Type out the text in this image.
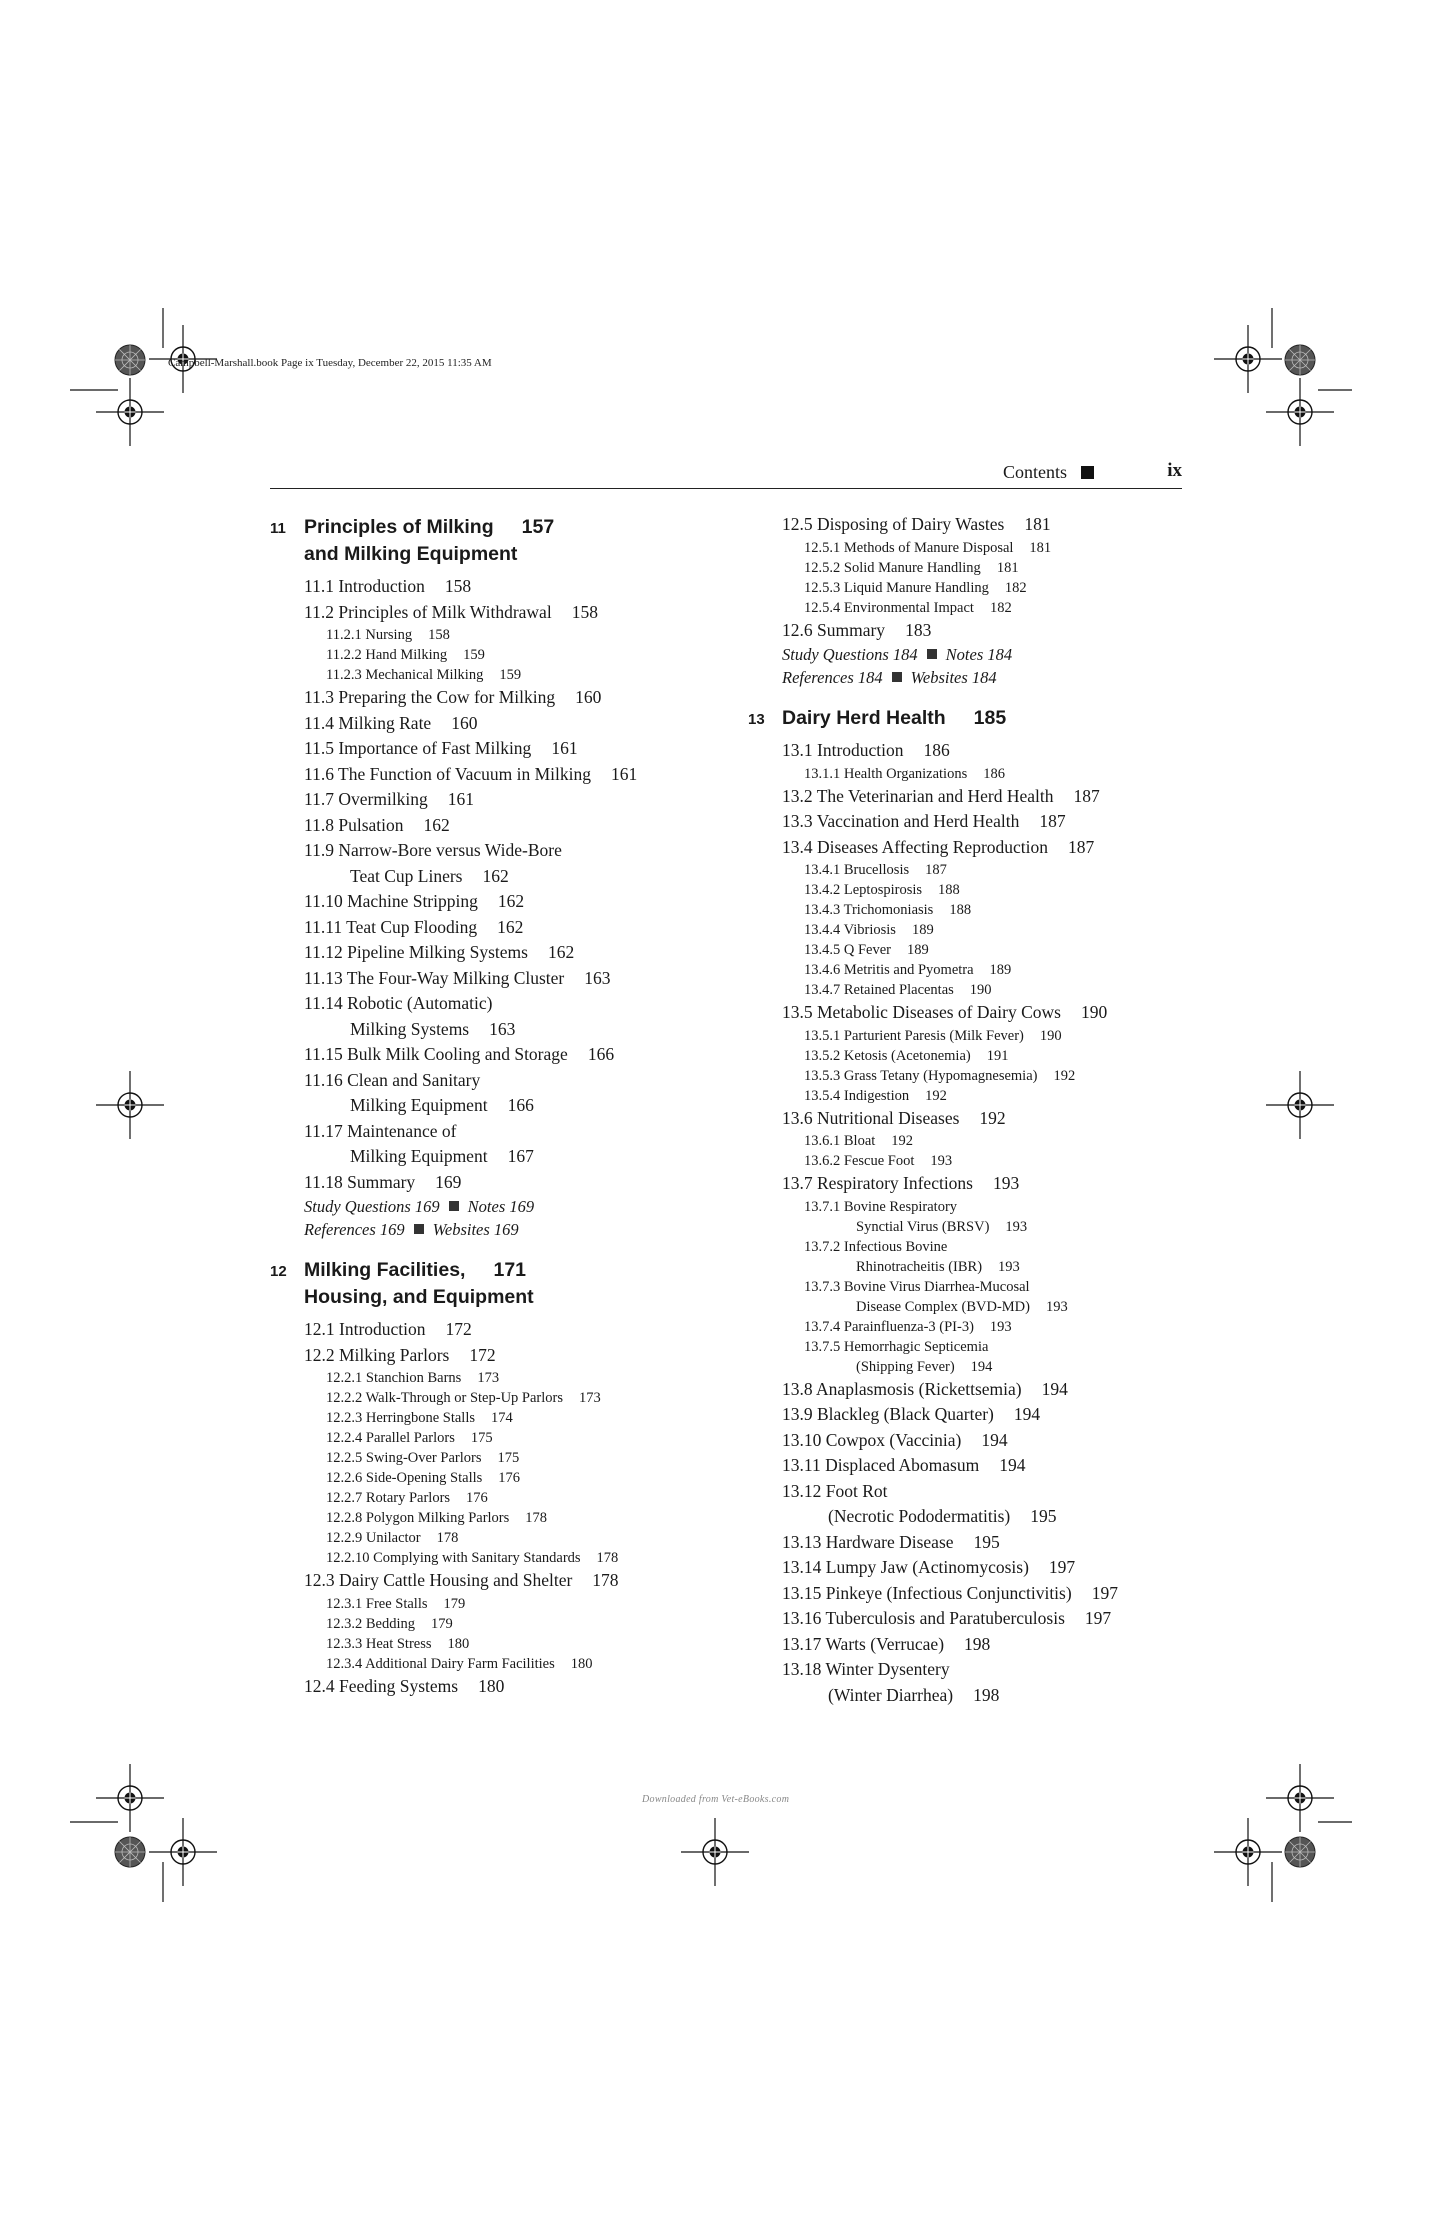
Campbell-Marshall.book Page ix Tuesday, December 22, 2015 11:35 AM
Contents	ix
11 Principles of Milking 157
and Milking Equipment
11.1 Introduction 158
11.2 Principles of Milk Withdrawal 158
11.2.1 Nursing 158
11.2.2 Hand Milking 159
11.2.3 Mechanical Milking 159
11.3 Preparing the Cow for Milking 160
11.4 Milking Rate 160
11.5 Importance of Fast Milking 161
11.6 The Function of Vacuum in Milking 161
11.7 Overmilking 161
11.8 Pulsation 162
11.9 Narrow-Bore versus Wide-Bore
Teat Cup Liners 162
11.10 Machine Stripping 162
11.11 Teat Cup Flooding 162
11.12 Pipeline Milking Systems 162
11.13 The Four-Way Milking Cluster 163
11.14 Robotic (Automatic)
Milking Systems 163
11.15 Bulk Milk Cooling and Storage 166
11.16 Clean and Sanitary
Milking Equipment 166
11.17 Maintenance of
Milking Equipment 167
11.18 Summary 169
Study Questions 169 Notes 169
References 169 Websites 169
12 Milking Facilities, 171
Housing, and Equipment
12.1 Introduction 172
12.2 Milking Parlors 172
12.2.1 Stanchion Barns 173
12.2.2 Walk-Through or Step-Up Parlors 173
12.2.3 Herringbone Stalls 174
12.2.4 Parallel Parlors 175
12.2.5 Swing-Over Parlors 175
12.2.6 Side-Opening Stalls 176
12.2.7 Rotary Parlors 176
12.2.8 Polygon Milking Parlors 178
12.2.9 Unilactor 178
12.2.10 Complying with Sanitary Standards 178
12.3 Dairy Cattle Housing and Shelter 178
12.3.1 Free Stalls 179
12.3.2 Bedding 179
12.3.3 Heat Stress 180
12.3.4 Additional Dairy Farm Facilities 180
12.4 Feeding Systems 180
12.5 Disposing of Dairy Wastes 181
12.5.1 Methods of Manure Disposal 181
12.5.2 Solid Manure Handling 181
12.5.3 Liquid Manure Handling 182
12.5.4 Environmental Impact 182
12.6 Summary 183
Study Questions 184 Notes 184
References 184 Websites 184
13 Dairy Herd Health 185
13.1 Introduction 186
13.1.1 Health Organizations 186
13.2 The Veterinarian and Herd Health 187
13.3 Vaccination and Herd Health 187
13.4 Diseases Affecting Reproduction 187
13.4.1 Brucellosis 187
13.4.2 Leptospirosis 188
13.4.3 Trichomoniasis 188
13.4.4 Vibriosis 189
13.4.5 Q Fever 189
13.4.6 Metritis and Pyometra 189
13.4.7 Retained Placentas 190
13.5 Metabolic Diseases of Dairy Cows 190
13.5.1 Parturient Paresis (Milk Fever) 190
13.5.2 Ketosis (Acetonemia) 191
13.5.3 Grass Tetany (Hypomagnesemia) 192
13.5.4 Indigestion 192
13.6 Nutritional Diseases 192
13.6.1 Bloat 192
13.6.2 Fescue Foot 193
13.7 Respiratory Infections 193
13.7.1 Bovine Respiratory
Synctial Virus (BRSV) 193
13.7.2 Infectious Bovine
Rhinotracheitis (IBR) 193
13.7.3 Bovine Virus Diarrhea-Mucosal
Disease Complex (BVD-MD) 193
13.7.4 Parainfluenza-3 (PI-3) 193
13.7.5 Hemorrhagic Septicemia
(Shipping Fever) 194
13.8 Anaplasmosis (Rickettsemia) 194
13.9 Blackleg (Black Quarter) 194
13.10 Cowpox (Vaccinia) 194
13.11 Displaced Abomasum 194
13.12 Foot Rot
(Necrotic Pododermatitis) 195
13.13 Hardware Disease 195
13.14 Lumpy Jaw (Actinomycosis) 197
13.15 Pinkeye (Infectious Conjunctivitis) 197
13.16 Tuberculosis and Paratuberculosis 197
13.17 Warts (Verrucae) 198
13.18 Winter Dysentery
(Winter Diarrhea) 198
Downloaded from Vet-eBooks.com
